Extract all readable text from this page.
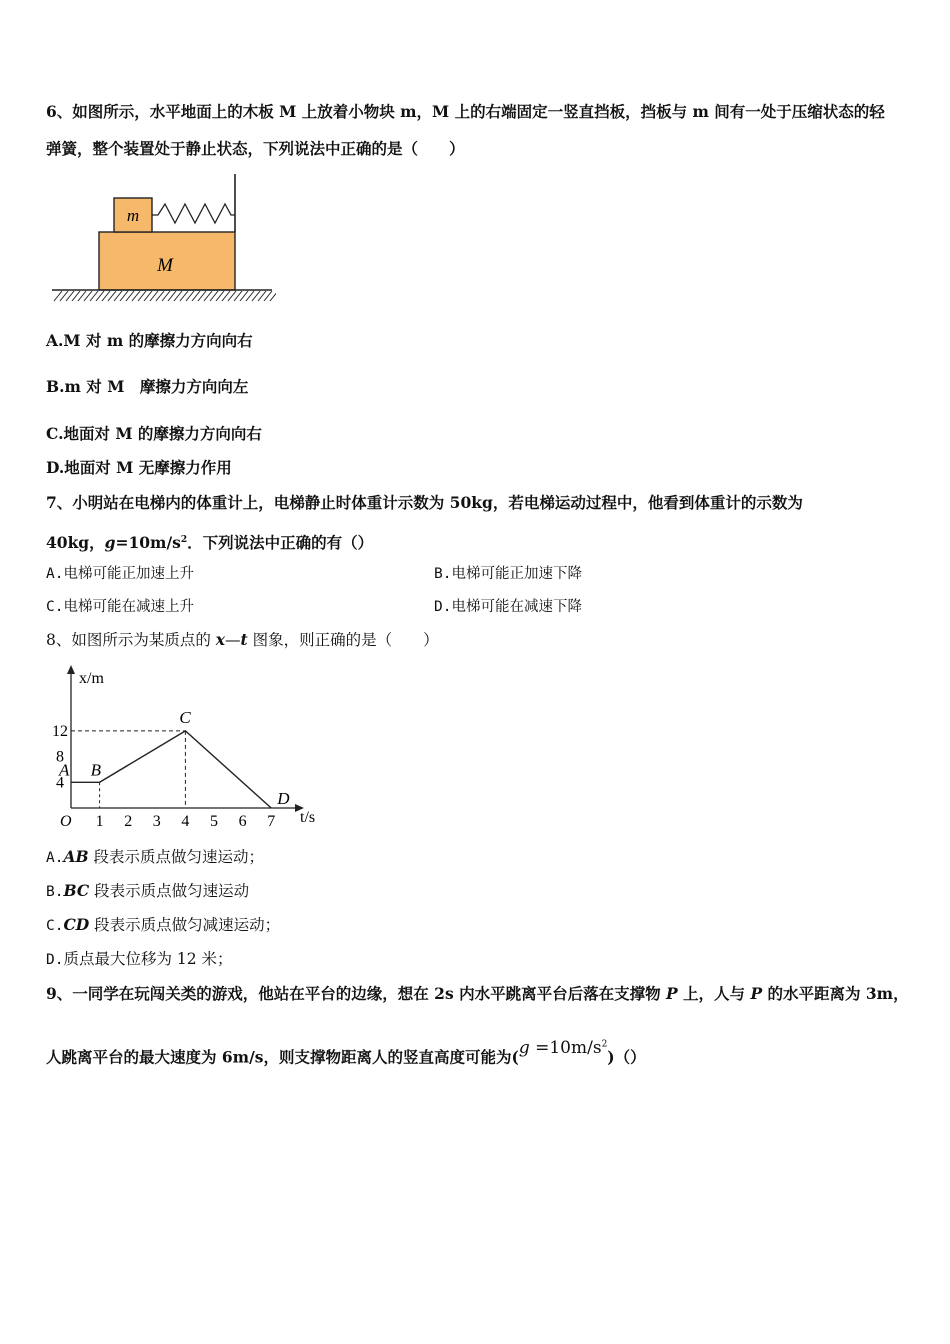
6、如图所示，水平地面上的木板 M 上放着小物块 m，M 上的右端固定一竖直挡板，挡板与 m 间有一处于压缩状态的轻
弹簧，整个装置处于静止状态，下列说法中正确的是（　　）
m
M
A.M 对 m 的摩擦力方向向右
B.m 对 M　摩擦力方向向左
C.地面对 M 的摩擦力方向向右
D.地面对 M 无摩擦力作用
7、小明站在电梯内的体重计上，电梯静止时体重计示数为 50kg，若电梯运动过程中，他看到体重计的示数为
40kg，$g=10m/s^2$．下列说法中正确的有（）
A.电梯可能正加速上升	B.电梯可能正加速下降
C.电梯可能在减速上升	D.电梯可能在减速下降
8、如图所示为某质点的 x—t 图象，则正确的是（　　）
x/m
t/s
O 1 2 3 4 5 6 7
4
8
12
A B
C
D
A.AB 段表示质点做匀速运动；
B.BC 段表示质点做匀速运动
C.CD 段表示质点做匀减速运动；
D.质点最大位移为 12 米；
9、一同学在玩闯关类的游戏，他站在平台的边缘，想在 2s 内水平跳离平台后落在支撑物 P 上，人与 P 的水平距离为 3m，
人跳离平台的最大速度为 6m/s，则支撑物距离人的竖直高度可能为$(g =10m/s^2)()$
